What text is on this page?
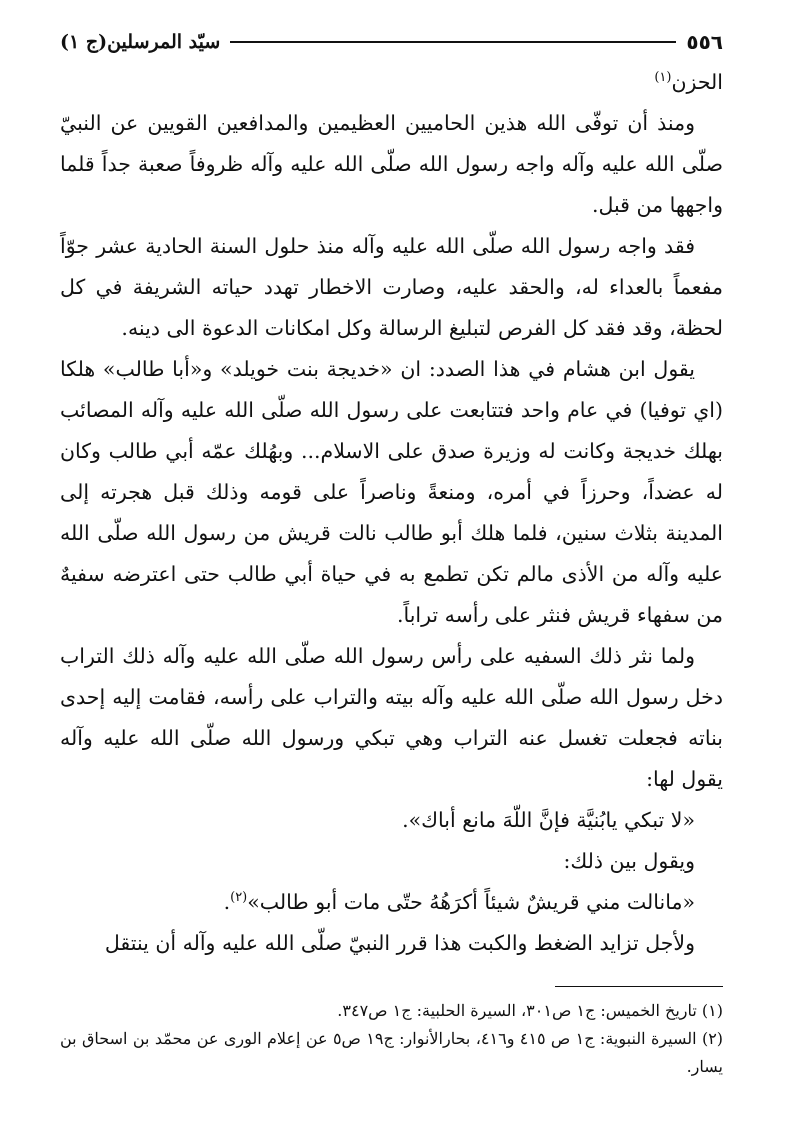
٥٥٦
سيّد المرسلين(ج ١)

الحزن$^{(١)}$

ومنذ أن توفّى الله هذين الحاميين العظيمين والمدافعين القويين عن النبيّ صلّى الله عليه وآله واجه رسول الله صلّى الله عليه وآله ظروفاً صعبة جداً قلما واجهها من قبل.

فقد واجه رسول الله صلّى الله عليه وآله منذ حلول السنة الحادية عشر جوّاً مفعماً بالعداء له، والحقد عليه، وصارت الاخطار تهدد حياته الشريفة في كل لحظة، وقد فقد كل الفرص لتبليغ الرسالة وكل امكانات الدعوة الى دينه.

يقول ابن هشام في هذا الصدد: ان «خديجة بنت خويلد» و«أبا طالب» هلكا (اي توفيا) في عام واحد فتتابعت على رسول الله صلّى الله عليه وآله المصائب بهلك خديجة وكانت له وزيرة صدق على الاسلام... وبهُلك عمّه أبي طالب وكان له عضداً، وحرزاً في أمره، ومنعةً وناصراً على قومه وذلك قبل هجرته إلى المدينة بثلاث سنين، فلما هلك أبو طالب نالت قريش من رسول الله صلّى الله عليه وآله من الأذى مالم تكن تطمع به في حياة أبي طالب حتى اعترضه سفيهٌ من سفهاء قريش فنثر على رأسه تراباً.

ولما نثر ذلك السفيه على رأس رسول الله صلّى الله عليه وآله ذلك التراب دخل رسول الله صلّى الله عليه وآله بيته والتراب على رأسه، فقامت إليه إحدى بناته فجعلت تغسل عنه التراب وهي تبكي ورسول الله صلّى الله عليه وآله يقول لها:

«لا تبكي يابُنيَّة فإنَّ اللّهَ مانع أباك».

ويقول بين ذلك:

«مانالت مني قريشٌ شيئاً أكرَهُهُ حتّى مات أبو طالب»$^{(٢)}$.

ولأجل تزايد الضغط والكبت هذا قرر النبيّ صلّى الله عليه وآله أن ينتقل

(١) تاريخ الخميس: ج١ ص٣٠١، السيرة الحلبية: ج١ ص٣٤٧.

(٢) السيرة النبوية: ج١ ص ٤١٥ و٤١٦، بحارالأنوار: ج١٩ ص٥ عن إعلام الورى عن محمّد بن اسحاق بن يسار.
